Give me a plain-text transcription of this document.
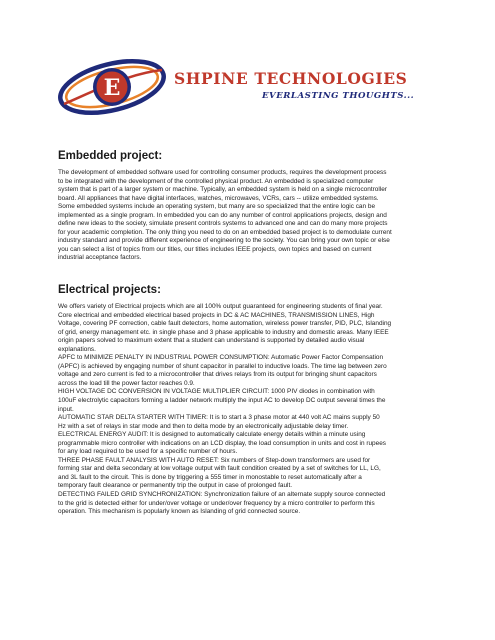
E	SHPINE TECHNOLOGIES
EVERLASTING THOUGHTS...
Embedded project:
The development of embedded software used for controlling consumer products, requires the development process
to be integrated with the development of the controlled physical product. An embedded is specialized computer
system that is part of a larger system or machine. Typically, an embedded system is held on a single microcontroller
board. All appliances that have digital interfaces, watches, microwaves, VCRs, cars -- utilize embedded systems.
Some embedded systems include an operating system, but many are so specialized that the entire logic can be
implemented as a single program. In embedded you can do any number of control applications projects, design and
define new ideas to the society, simulate present controls systems to advanced one and can do many more projects
for your academic completion. The only thing you need to do on an embedded based project is to demodulate current
industry standard and provide different experience of engineering to the society. You can bring your own topic or else
you can select a list of topics from our titles, our titles includes IEEE projects, own topics and based on current
industrial acceptance factors.
Electrical projects:
We offers variety of Electrical projects which are all 100% output guaranteed for engineering students of final year.
Core electrical and embedded electrical based projects in DC & AC MACHINES, TRANSMISSION LINES, High
Voltage, covering PF correction, cable fault detectors, home automation, wireless power transfer, PID, PLC, Islanding
of grid, energy management etc. in single phase and 3 phase applicable to industry and domestic areas. Many IEEE
origin papers solved to maximum extent that a student can understand is supported by detailed audio visual
explanations.
APFC to MINIMIZE PENALTY IN INDUSTRIAL POWER CONSUMPTION: Automatic Power Factor Compensation
(APFC) is achieved by engaging number of shunt capacitor in parallel to inductive loads. The time lag between zero
voltage and zero current is fed to a microcontroller that drives relays from its output for bringing shunt capacitors
across the load till the power factor reaches 0.9.
HIGH VOLTAGE DC CONVERSION IN VOLTAGE MULTIPLIER CIRCUIT: 1000 PIV diodes in combination with
100uF electrolytic capacitors forming a ladder network multiply the input AC to develop DC output several times the
input.
AUTOMATIC STAR DELTA STARTER WITH TIMER: It is to start a 3 phase motor at 440 volt AC mains supply 50
Hz with a set of relays in star mode and then to delta mode by an electronically adjustable delay timer.
ELECTRICAL ENERGY AUDIT: It is designed to automatically calculate energy details within a minute using
programmable micro controller with indications on an LCD display, the load consumption in units and cost in rupees
for any load required to be used for a specific number of hours.
THREE PHASE FAULT ANALYSIS WITH AUTO RESET: Six numbers of Step-down transformers are used for
forming star and delta secondary at low voltage output with fault condition created by a set of switches for LL, LG,
and 3L fault to the circuit. This is done by triggering a 555 timer in monostable to reset automatically after a
temporary fault clearance or permanently trip the output in case of prolonged fault.
DETECTING FAILED GRID SYNCHRONIZATION: Synchronization failure of an alternate supply source connected
to the grid is detected either for under/over voltage or under/over frequency by a micro controller to perform this
operation. This mechanism is popularly known as Islanding of grid connected source.
